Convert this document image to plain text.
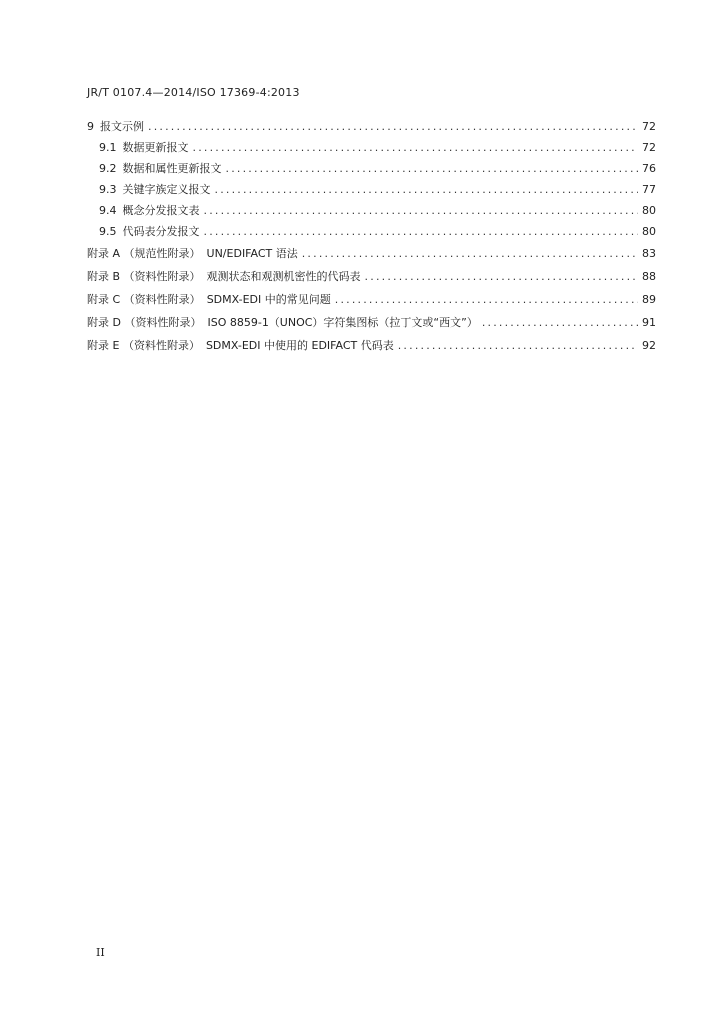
JR/T 0107.4—2014/ISO 17369-4:2013
9 报文示例 .....	72
9.1 数据更新报文 .....	72
9.2 数据和属性更新报文 .....	76
9.3 关键字族定义报文 .....	77
9.4 概念分发报文表 .....	80
9.5 代码表分发报文 .....	80
附录 A （规范性附录） UN/EDIFACT 语法 .....	83
附录 B （资料性附录） 观测状态和观测机密性的代码表 .....	88
附录 C （资料性附录） SDMX-EDI 中的常见问题 .....	89
附录 D （资料性附录） ISO 8859-1（UNOC）字符集图标（拉丁文或“西文”） .....	91
附录 E （资料性附录） SDMX-EDI 中使用的 EDIFACT 代码表 .....	92
II
